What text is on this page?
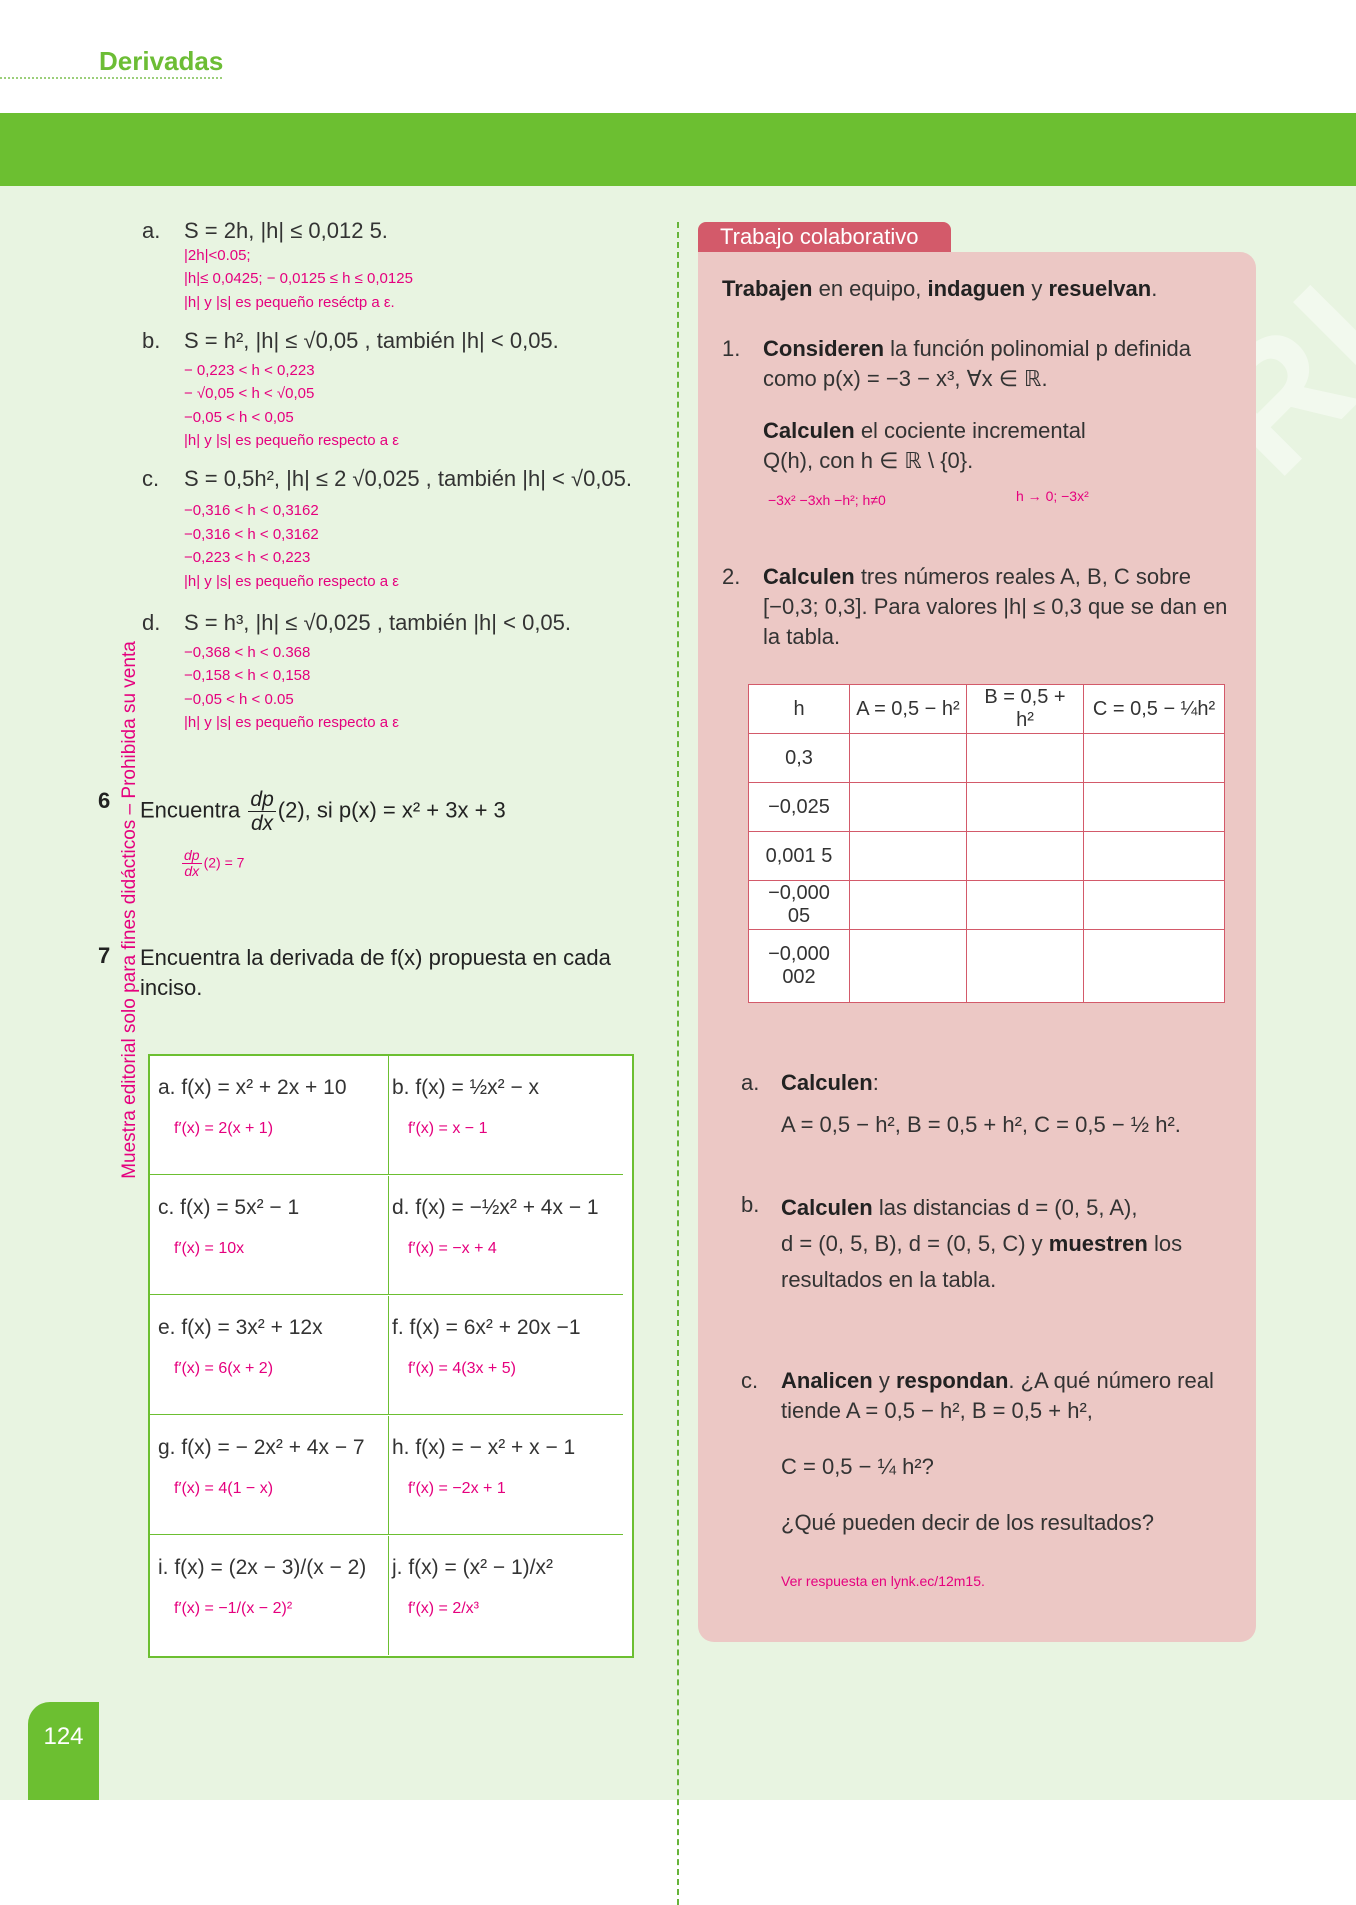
Derivadas
Muestra editorial solo para fines didácticos – Prohibida su venta
124
a. S = 2h, |h| ≤ 0,012 5.
|2h|<0.05;
|h|≤ 0,0425; − 0,0125 ≤ h ≤ 0,0125
|h| y |s| es pequeño reséctp a ε.
b. S = h², |h| ≤ √0,05 , también |h| < 0,05.
− 0,223 < h < 0,223
− √0,05 < h < √0,05
−0,05 < h < 0,05
|h| y |s| es pequeño respecto a ε
c. S = 0,5h², |h| ≤ 2 √0,025 , también |h| < √0,05.
−0,316 < h < 0,3162
−0,316 < h < 0,3162
−0,223 < h < 0,223
|h| y |s| es pequeño respecto a ε
d. S = h³, |h| ≤ √0,025 , también |h| < 0,05.
−0,368 < h < 0.368
−0,158 < h < 0,158
−0,05 < h < 0.05
|h| y |s| es pequeño respecto a ε
6 Encuentra $\frac{dp}{dx} (2)$, si p(x) = x² + 3x + 3
$\frac{dp}{dx} (2) = 7$
7 Encuentra la derivada de f(x) propuesta en cada
inciso.
a. f(x) = x² + 2x + 10
f′(x) = 2(x + 1)
b. f(x) = ½x² − x
f′(x) = x − 1
c. f(x) = 5x² − 1
f′(x) = 10x
d. f(x) = −½x² + 4x − 1
f′(x) = −x + 4
e. f(x) = 3x² + 12x
f′(x) = 6(x + 2)
f. f(x) = 6x² + 20x −1
f′(x) = 4(3x + 5)
g. f(x) = − 2x² + 4x − 7
f′(x) = 4(1 − x)
h. f(x) = − x² + x − 1
f′(x) = −2x + 1
i. f(x) = (2x − 3)/(x − 2)
f′(x) = −1/(x − 2)²
j. f(x) = (x² − 1)/x²
f′(x) = 2/x³
Trabajo colaborativo
Trabajen en equipo, indaguen y resuelvan.
1. Consideren la función polinomial p definida
como p(x) = −3 − x³, ∀x ∈ ℝ.
Calculen el cociente incremental
Q(h), con h ∈ ℝ \ {0}.
−3x² −3xh −h²; h≠0	h → 0; −3x²
2. Calculen tres números reales A, B, C sobre
[−0,3; 0,3]. Para valores |h| ≤ 0,3 que se dan en
la tabla.
h	A = 0,5 − h²	B = 0,5 + h²	C = 0,5 − ¼h²
0,3			
−0,025			
0,001 5			
−0,000 05			
−0,000 002			
a. Calculen:
A = 0,5 − h², B = 0,5 + h², C = 0,5 − ½ h².
b. Calculen las distancias d = (0, 5, A),
d = (0, 5, B), d = (0, 5, C) y muestren los
resultados en la tabla.
c. Analicen y respondan. ¿A qué número real
tiende A = 0,5 − h², B = 0,5 + h²,
C = 0,5 − ¼ h²?
¿Qué pueden decir de los resultados?
Ver respuesta en lynk.ec/12m15.
